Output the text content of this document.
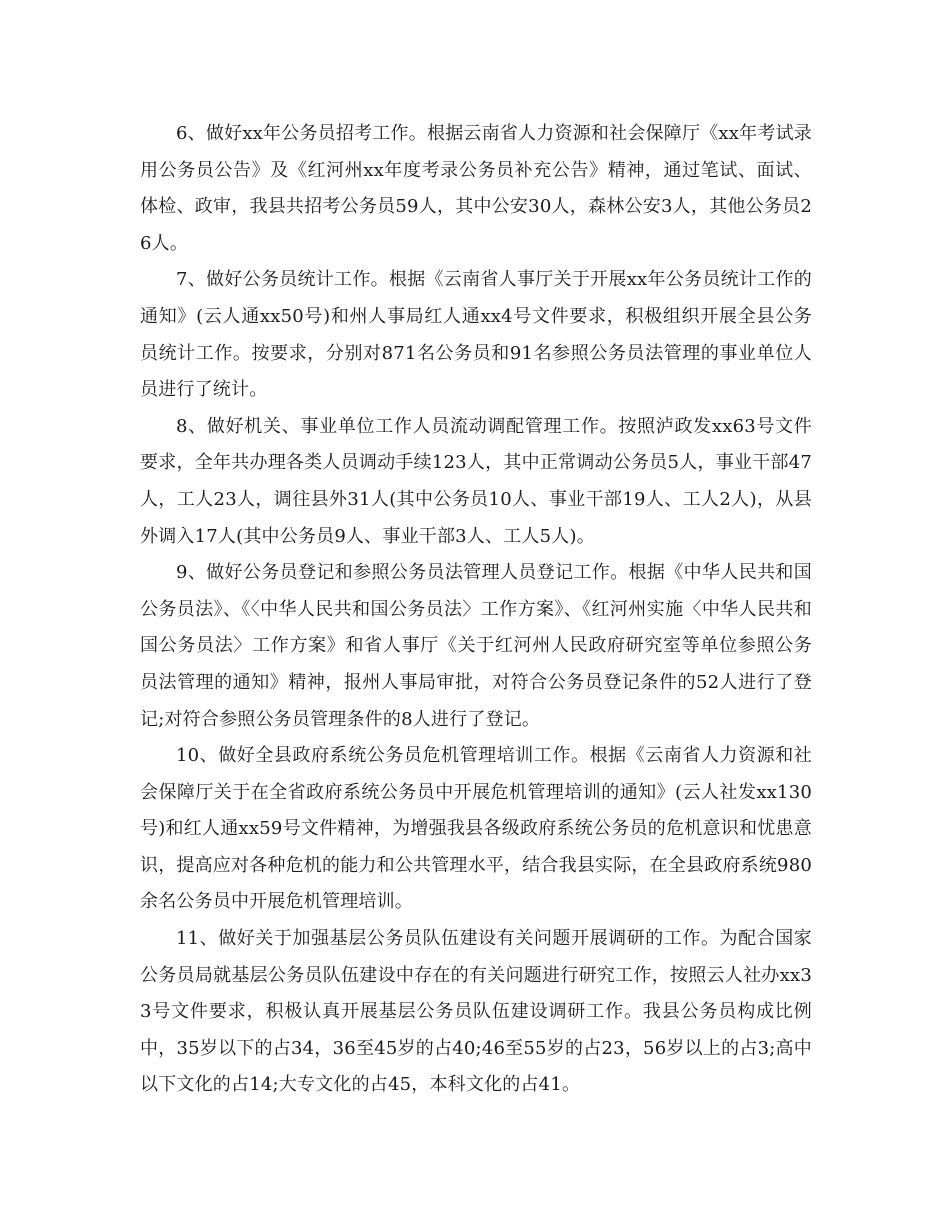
6、做好xx年公务员招考工作。根据云南省人力资源和社会保障厅《xx年考试录用公务员公告》及《红河州xx年度考录公务员补充公告》精神，通过笔试、面试、体检、政审，我县共招考公务员59人，其中公安30人，森林公安3人，其他公务员26人。

7、做好公务员统计工作。根据《云南省人事厅关于开展xx年公务员统计工作的通知》(云人通xx50号)和州人事局红人通xx4号文件要求，积极组织开展全县公务员统计工作。按要求，分别对871名公务员和91名参照公务员法管理的事业单位人员进行了统计。

8、做好机关、事业单位工作人员流动调配管理工作。按照泸政发xx63号文件要求，全年共办理各类人员调动手续123人，其中正常调动公务员5人，事业干部47人，工人23人，调往县外31人(其中公务员10人、事业干部19人、工人2人)，从县外调入17人(其中公务员9人、事业干部3人、工人5人)。

9、做好公务员登记和参照公务员法管理人员登记工作。根据《中华人民共和国公务员法》、《〈中华人民共和国公务员法〉工作方案》、《红河州实施〈中华人民共和国公务员法〉工作方案》和省人事厅《关于红河州人民政府研究室等单位参照公务员法管理的通知》精神，报州人事局审批，对符合公务员登记条件的52人进行了登记;对符合参照公务员管理条件的8人进行了登记。

10、做好全县政府系统公务员危机管理培训工作。根据《云南省人力资源和社会保障厅关于在全省政府系统公务员中开展危机管理培训的通知》(云人社发xx130号)和红人通xx59号文件精神，为增强我县各级政府系统公务员的危机意识和忧患意识，提高应对各种危机的能力和公共管理水平，结合我县实际，在全县政府系统980余名公务员中开展危机管理培训。

11、做好关于加强基层公务员队伍建设有关问题开展调研的工作。为配合国家公务员局就基层公务员队伍建设中存在的有关问题进行研究工作，按照云人社办xx33号文件要求，积极认真开展基层公务员队伍建设调研工作。我县公务员构成比例中，35岁以下的占34，36至45岁的占40;46至55岁的占23，56岁以上的占3;高中以下文化的占14;大专文化的占45，本科文化的占41。
